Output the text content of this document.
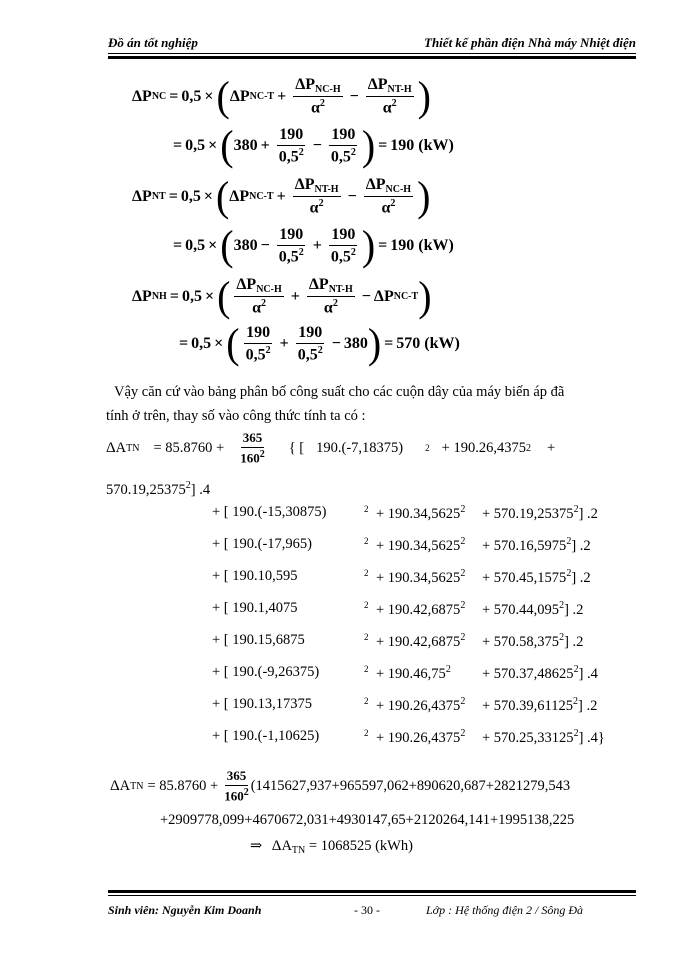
Đồ án tốt nghiệp	Thiết kế phần điện Nhà máy Nhiệt điện
ΔP NC = 0,5 × ( ΔP $NC-T + \frac{\Delta P_{NC-H}}{\alpha^2} - \frac{\Delta P_{NT-H}}{\alpha^2}$ )
= 0,5 × ( $380 + \frac{190}{0,5^2} - \frac{190}{0,5^2}$ ) = 190 (kW)
ΔP NT = 0,5 × ( ΔP $NC-T + \frac{\Delta P_{NT-H}}{\alpha^2} - \frac{\Delta P_{NC-H}}{\alpha^2}$ )
= 0,5 × ( $380 - \frac{190}{0,5^2} + \frac{190}{0,5^2}$ ) = 190 (kW)
ΔP NH = 0,5 × ( $\frac{\Delta P_{NC-H}}{\alpha^2} + \frac{\Delta P_{NT-H}}{\alpha^2} - \Delta P$ NC-T )
= 0,5 × ( $\frac{190}{0,5^2} + \frac{190}{0,5^2} - 380$ ) = 570 (kW)
Vậy căn cứ vào bảng phân bố công suất cho các cuộn dây của máy biến áp đã
tính ở trên, thay số vào công thức tính ta có :
Δ A TN = $85.8760 + \frac{365}{160^2}$ { [ 190.(-7,18375) 2 + 190.26,4375 2 +
$570.19,25375^2$] .4
+ [ 190.(-15,30875)	$2 + 190.34,5625^2 + 570.19,25375^2$] .2
+ [ 190.(-17,965)	$2 + 190.34,5625^2 + 570.16,5975^2$] .2
+ [ 190.10,595	$2 + 190.34,5625^2 + 570.45,1575^2$] .2
+ [ 190.1,4075	$2 + 190.42,6875^2 + 570.44,095^2$] .2
+ [ 190.15,6875	$2 + 190.42,6875^2 + 570.58,375^2$] .2
+ [ 190.(-9,26375)	$2 + 190.46,75^2 + 570.37,48625^2$] .4
+ [ 190.13,17375	$2 + 190.26,4375^2 + 570.39,61125^2$] .2
+ [ 190.(-1,10625)	$2 + 190.26,4375^2 + 570.25,33125^2$] .4}
Δ A TN = $85.8760 + \frac{365}{160^2} (1415627,937+965597,062+890620,687+2821279,543$
+2909778,099+4670672,031+4930147,65+2120264,141+1995138,225
⇒ $\Delta A_{TN} = 1068525$ (kWh)
Sinh viên: Nguyễn Kim Doanh	- 30 -	Lớp : Hệ thống điện 2 / Sông Đà
